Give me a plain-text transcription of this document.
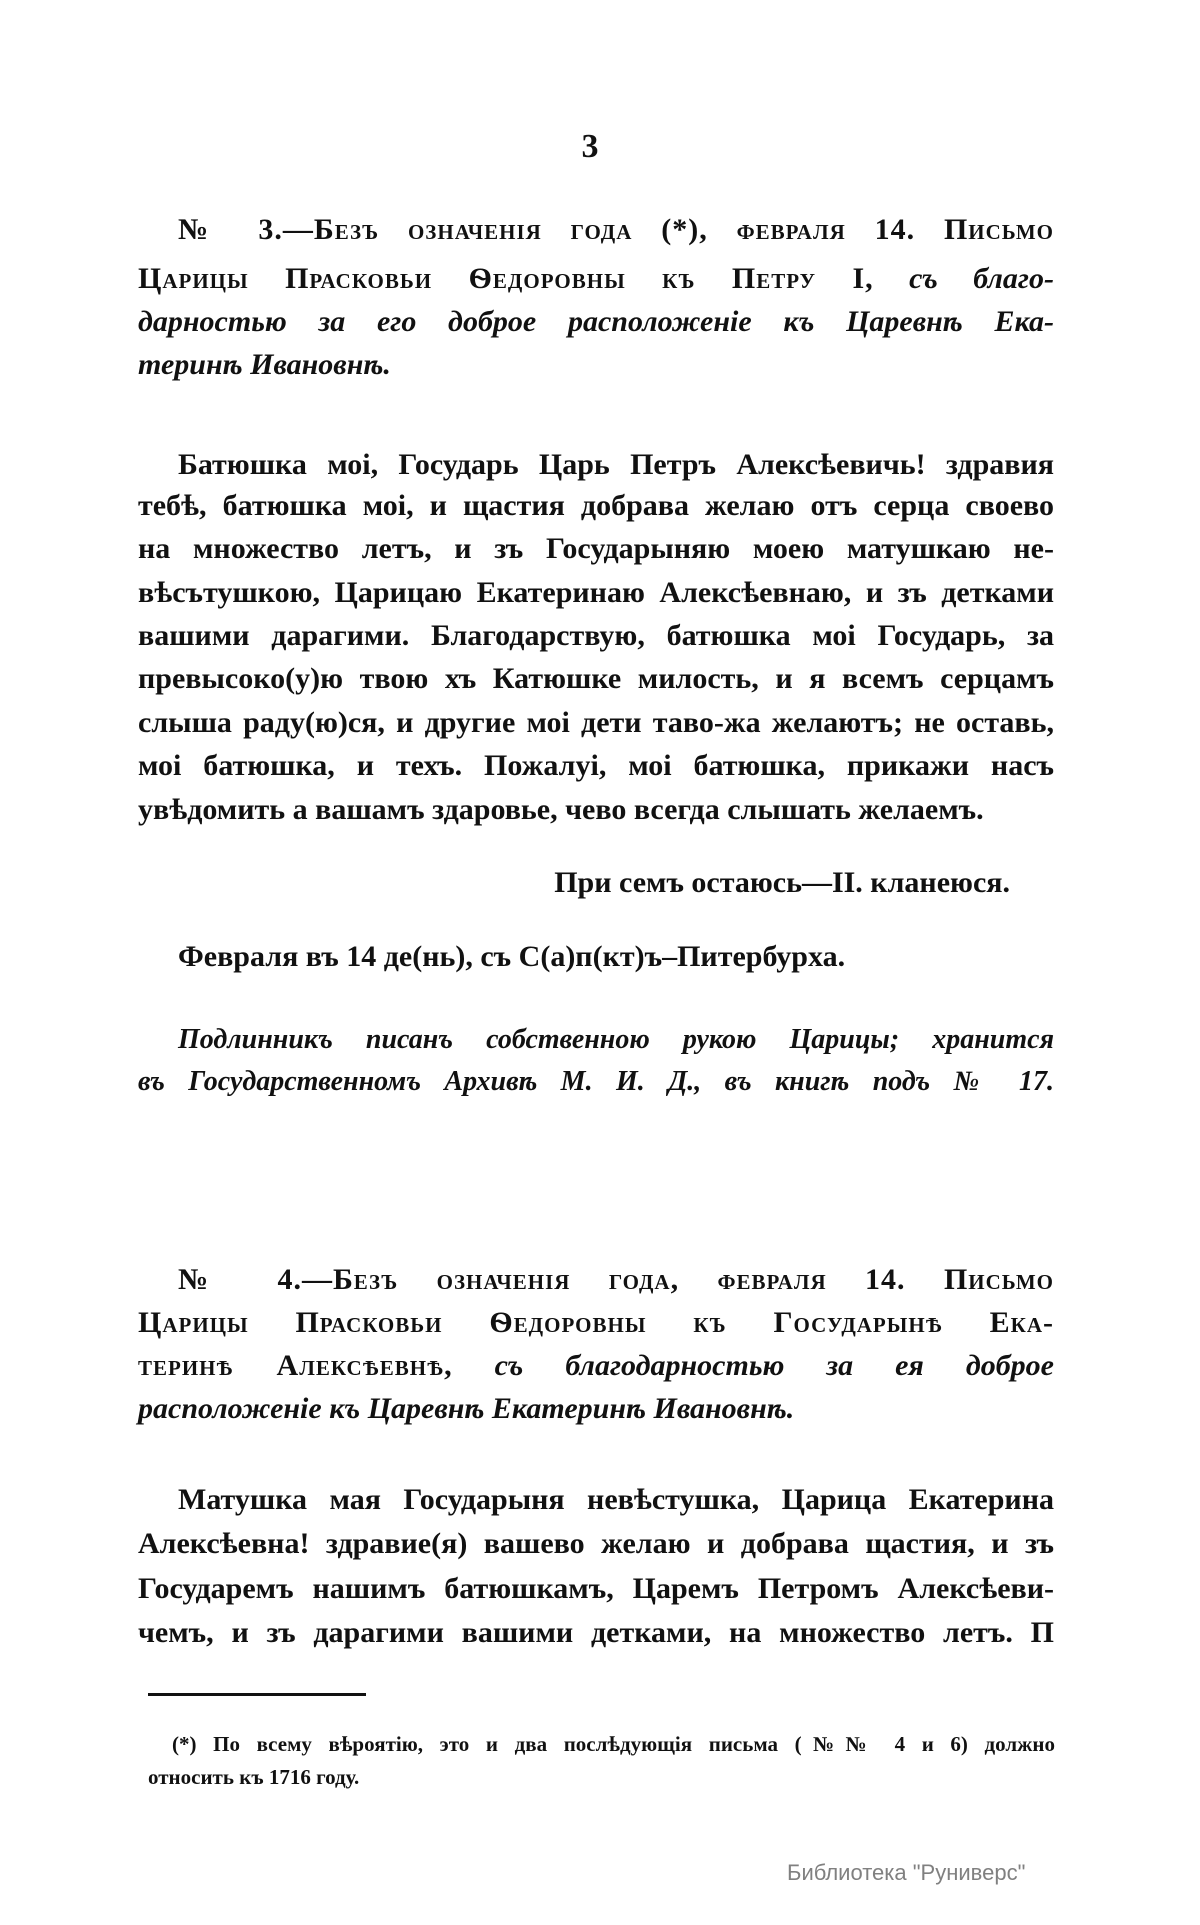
3
№ 3.—Безъ означенія года (*), февраля 14. Письмо
Царицы Прасковьи Ѳедоровны къ Петру I, съ благо-
дарностью за его доброе расположеніе къ Царевнѣ Ека-
теринѣ Ивановнѣ.
Батюшка моі, Государь Царь Петръ Алексѣевичь! здравия
тебѣ, батюшка моі, и щастия добрава желаю отъ серца своево
на множество летъ, и зъ Государыняю моею матушкаю не-
вѣсътушкою, Царицаю Екатеринаю Алексѣевнаю, и зъ детками
вашими дарагими. Благодарствую, батюшка моі Государь, за
превысоко(у)ю твою хъ Катюшке милость, и я всемъ серцамъ
слыша раду(ю)ся, и другие моі дети таво-жа желаютъ; не оставь,
моі батюшка, и техъ. Пожалуі, моі батюшка, прикажи насъ
увѣдомить а вашамъ здаровье, чево всегда слышать желаемъ.
При семъ остаюсь—II. кланеюся.
Февраля въ 14 де(нь), съ С(а)п(кт)ъ–Питербурха.
Подлинникъ писанъ собственною рукою Царицы; хранится
въ Государственномъ Архивѣ М. И. Д., въ книгѣ подъ № 17.
№ 4.—Безъ означенія года, февраля 14. Письмо
Царицы Прасковьи Ѳедоровны къ Государынѣ Ека-
теринѣ Алексѣевнѣ, съ благодарностью за ея доброе
расположеніе къ Царевнѣ Екатеринѣ Ивановнѣ.
Матушка мая Государыня невѣстушка, Царица Екатерина
Алексѣевна! здравие(я) вашево желаю и добрава щастия, и зъ
Государемъ нашимъ батюшкамъ, Царемъ Петромъ Алексѣеви-
чемъ, и зъ дарагими вашими детками, на множество летъ. П
(*) По всему вѣроятію, это и два послѣдующія письма (№№ 4 и 6) должно
относить къ 1716 году.
Библиотека "Руниверс"
